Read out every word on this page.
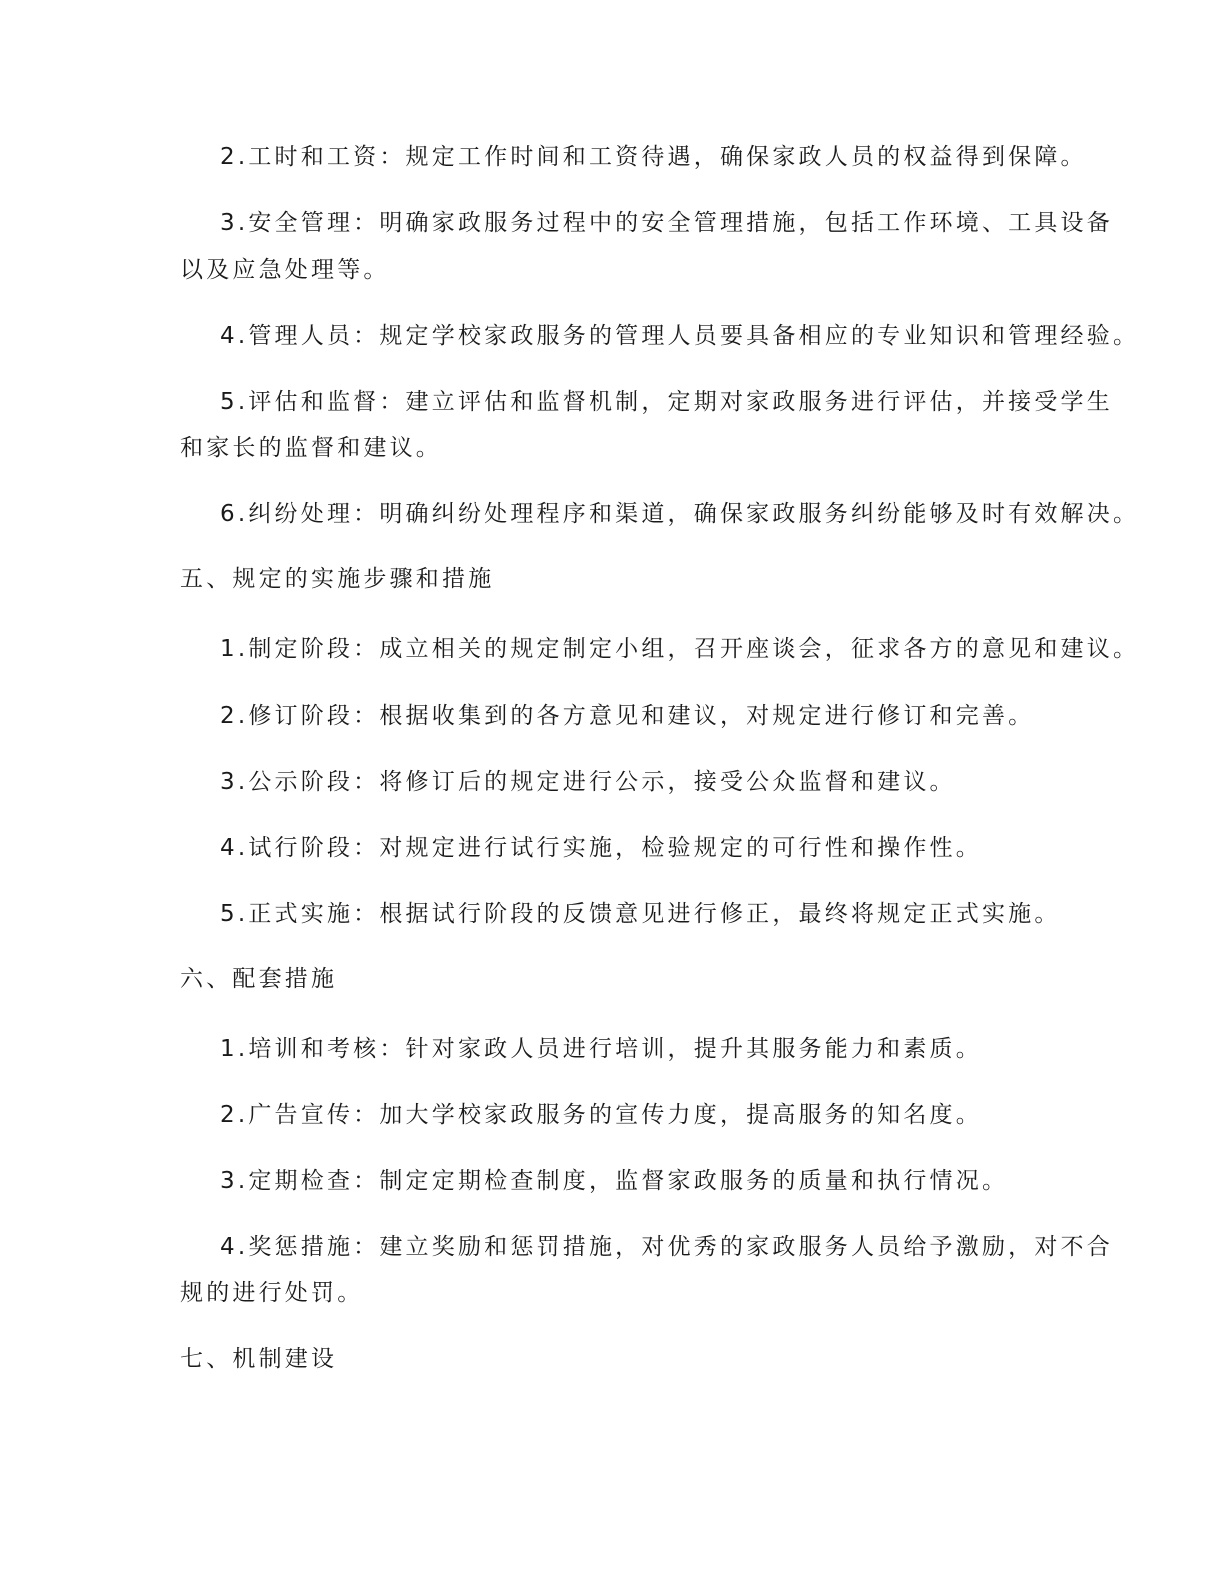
2.工时和工资：规定工作时间和工资待遇，确保家政人员的权益得到保障。
3.安全管理：明确家政服务过程中的安全管理措施，包括工作环境、工具设备
以及应急处理等。
4.管理人员：规定学校家政服务的管理人员要具备相应的专业知识和管理经验。
5.评估和监督：建立评估和监督机制，定期对家政服务进行评估，并接受学生
和家长的监督和建议。
6.纠纷处理：明确纠纷处理程序和渠道，确保家政服务纠纷能够及时有效解决。
五、规定的实施步骤和措施
1.制定阶段：成立相关的规定制定小组，召开座谈会，征求各方的意见和建议。
2.修订阶段：根据收集到的各方意见和建议，对规定进行修订和完善。
3.公示阶段：将修订后的规定进行公示，接受公众监督和建议。
4.试行阶段：对规定进行试行实施，检验规定的可行性和操作性。
5.正式实施：根据试行阶段的反馈意见进行修正，最终将规定正式实施。
六、配套措施
1.培训和考核：针对家政人员进行培训，提升其服务能力和素质。
2.广告宣传：加大学校家政服务的宣传力度，提高服务的知名度。
3.定期检查：制定定期检查制度，监督家政服务的质量和执行情况。
4.奖惩措施：建立奖励和惩罚措施，对优秀的家政服务人员给予激励，对不合
规的进行处罚。
七、机制建设
